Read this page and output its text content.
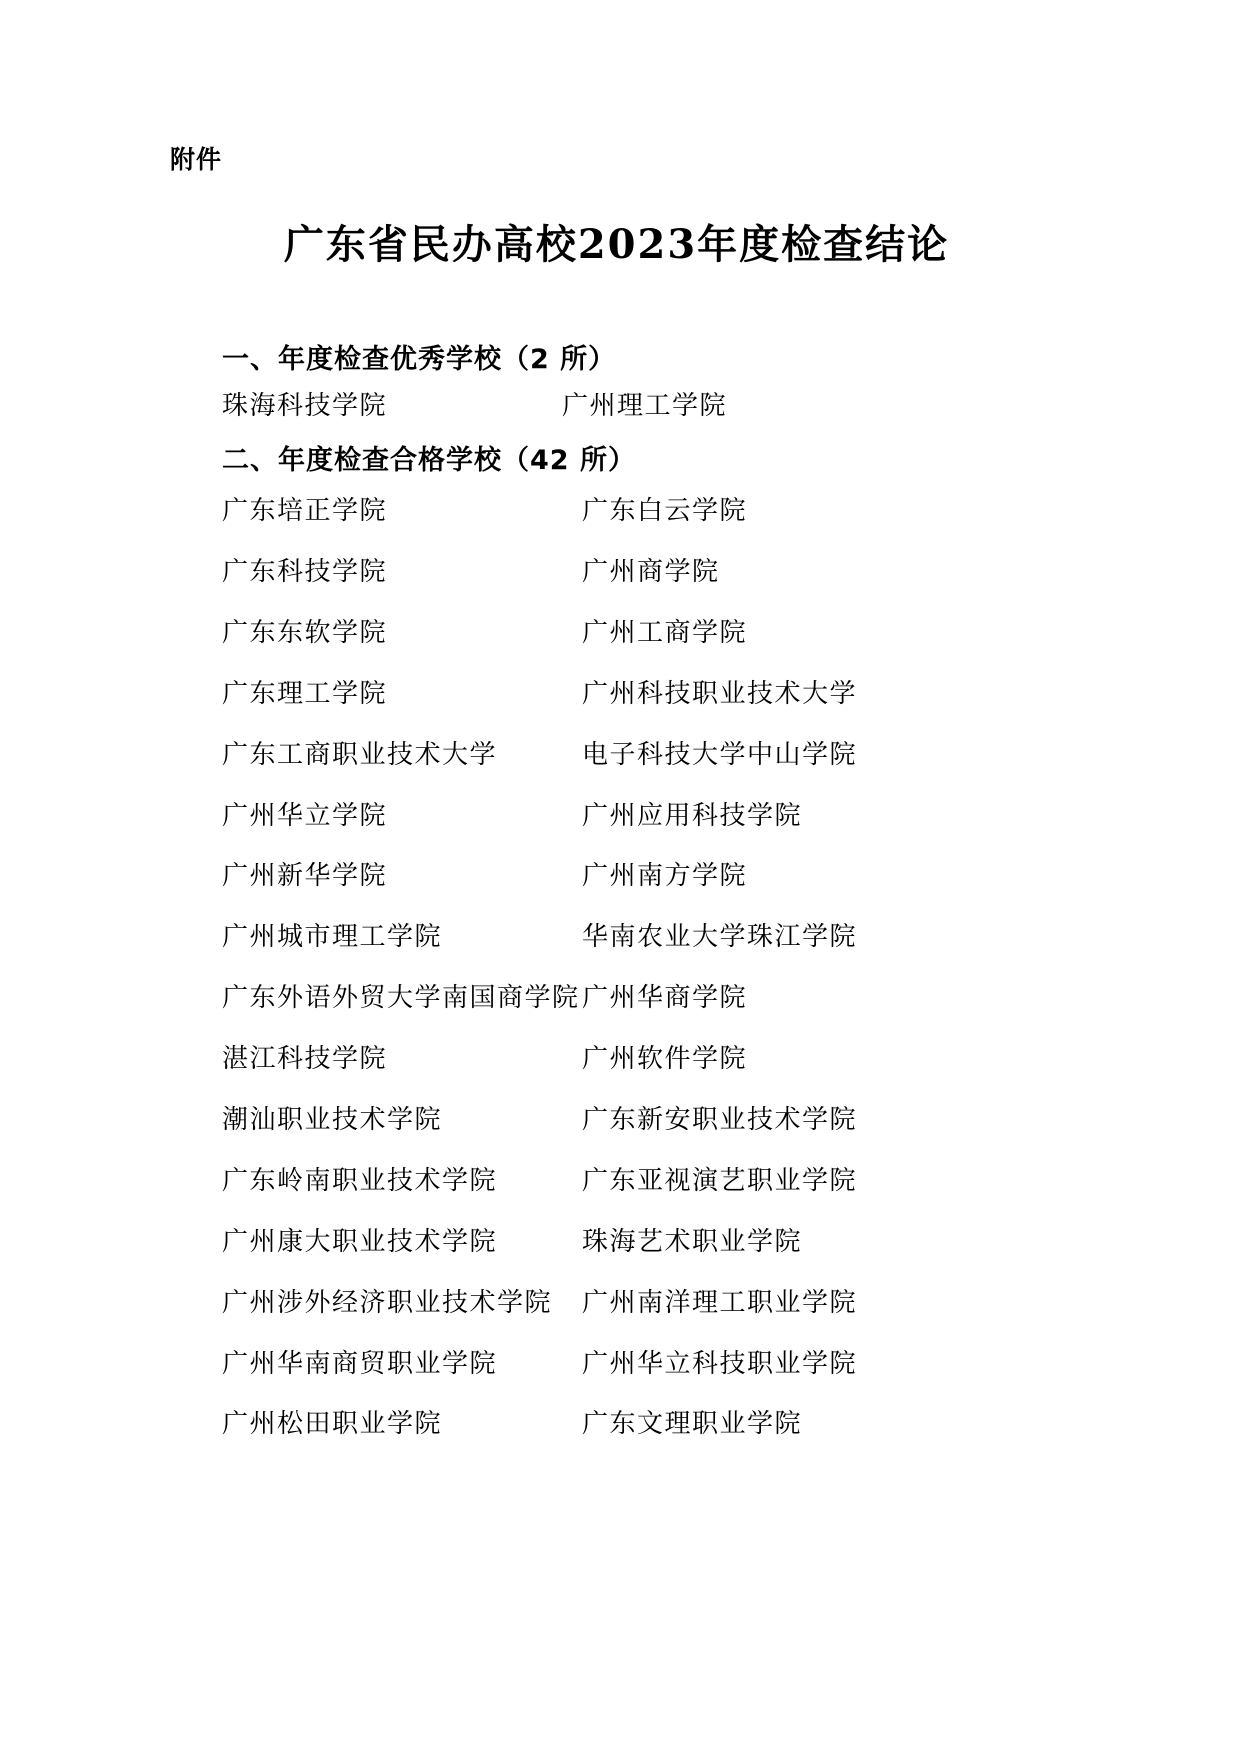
附件
广东省民办高校2023年度检查结论
一、年度检查优秀学校（2 所）
珠海科技学院	广州理工学院
二、年度检查合格学校（42 所）
广东培正学院	广东白云学院
广东科技学院	广州商学院
广东东软学院	广州工商学院
广东理工学院	广州科技职业技术大学
广东工商职业技术大学	电子科技大学中山学院
广州华立学院	广州应用科技学院
广州新华学院	广州南方学院
广州城市理工学院	华南农业大学珠江学院
广东外语外贸大学南国商学院 广州华商学院
湛江科技学院	广州软件学院
潮汕职业技术学院	广东新安职业技术学院
广东岭南职业技术学院	广东亚视演艺职业学院
广州康大职业技术学院	珠海艺术职业学院
广州涉外经济职业技术学院	广州南洋理工职业学院
广州华南商贸职业学院	广州华立科技职业学院
广州松田职业学院	广东文理职业学院
